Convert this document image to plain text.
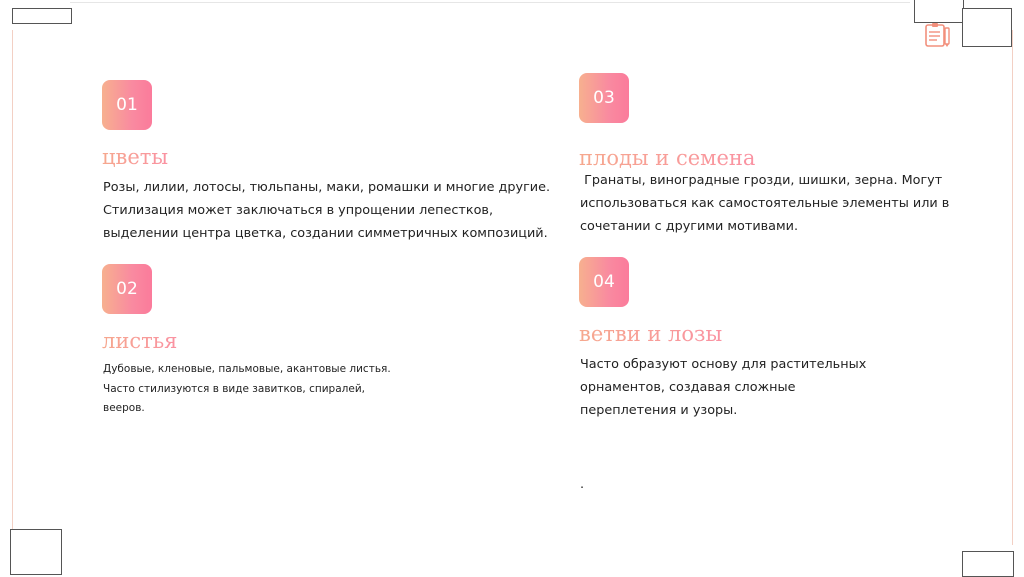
01
цветы
Розы, лилии, лотосы, тюльпаны, маки, ромашки и многие другие.
Стилизация может заключаться в упрощении лепестков,
выделении центра цветка, создании симметричных композиций.
02
листья
Дубовые, кленовые, пальмовые, акантовые листья.
Часто стилизуются в виде завитков, спиралей,
вееров.
03
плоды и семена
Гранаты, виноградные грозди, шишки, зерна. Могут
использоваться как самостоятельные элементы или в
сочетании с другими мотивами.
04
ветви и лозы
Часто образуют основу для растительных
орнаментов, создавая сложные
переплетения и узоры.
.
